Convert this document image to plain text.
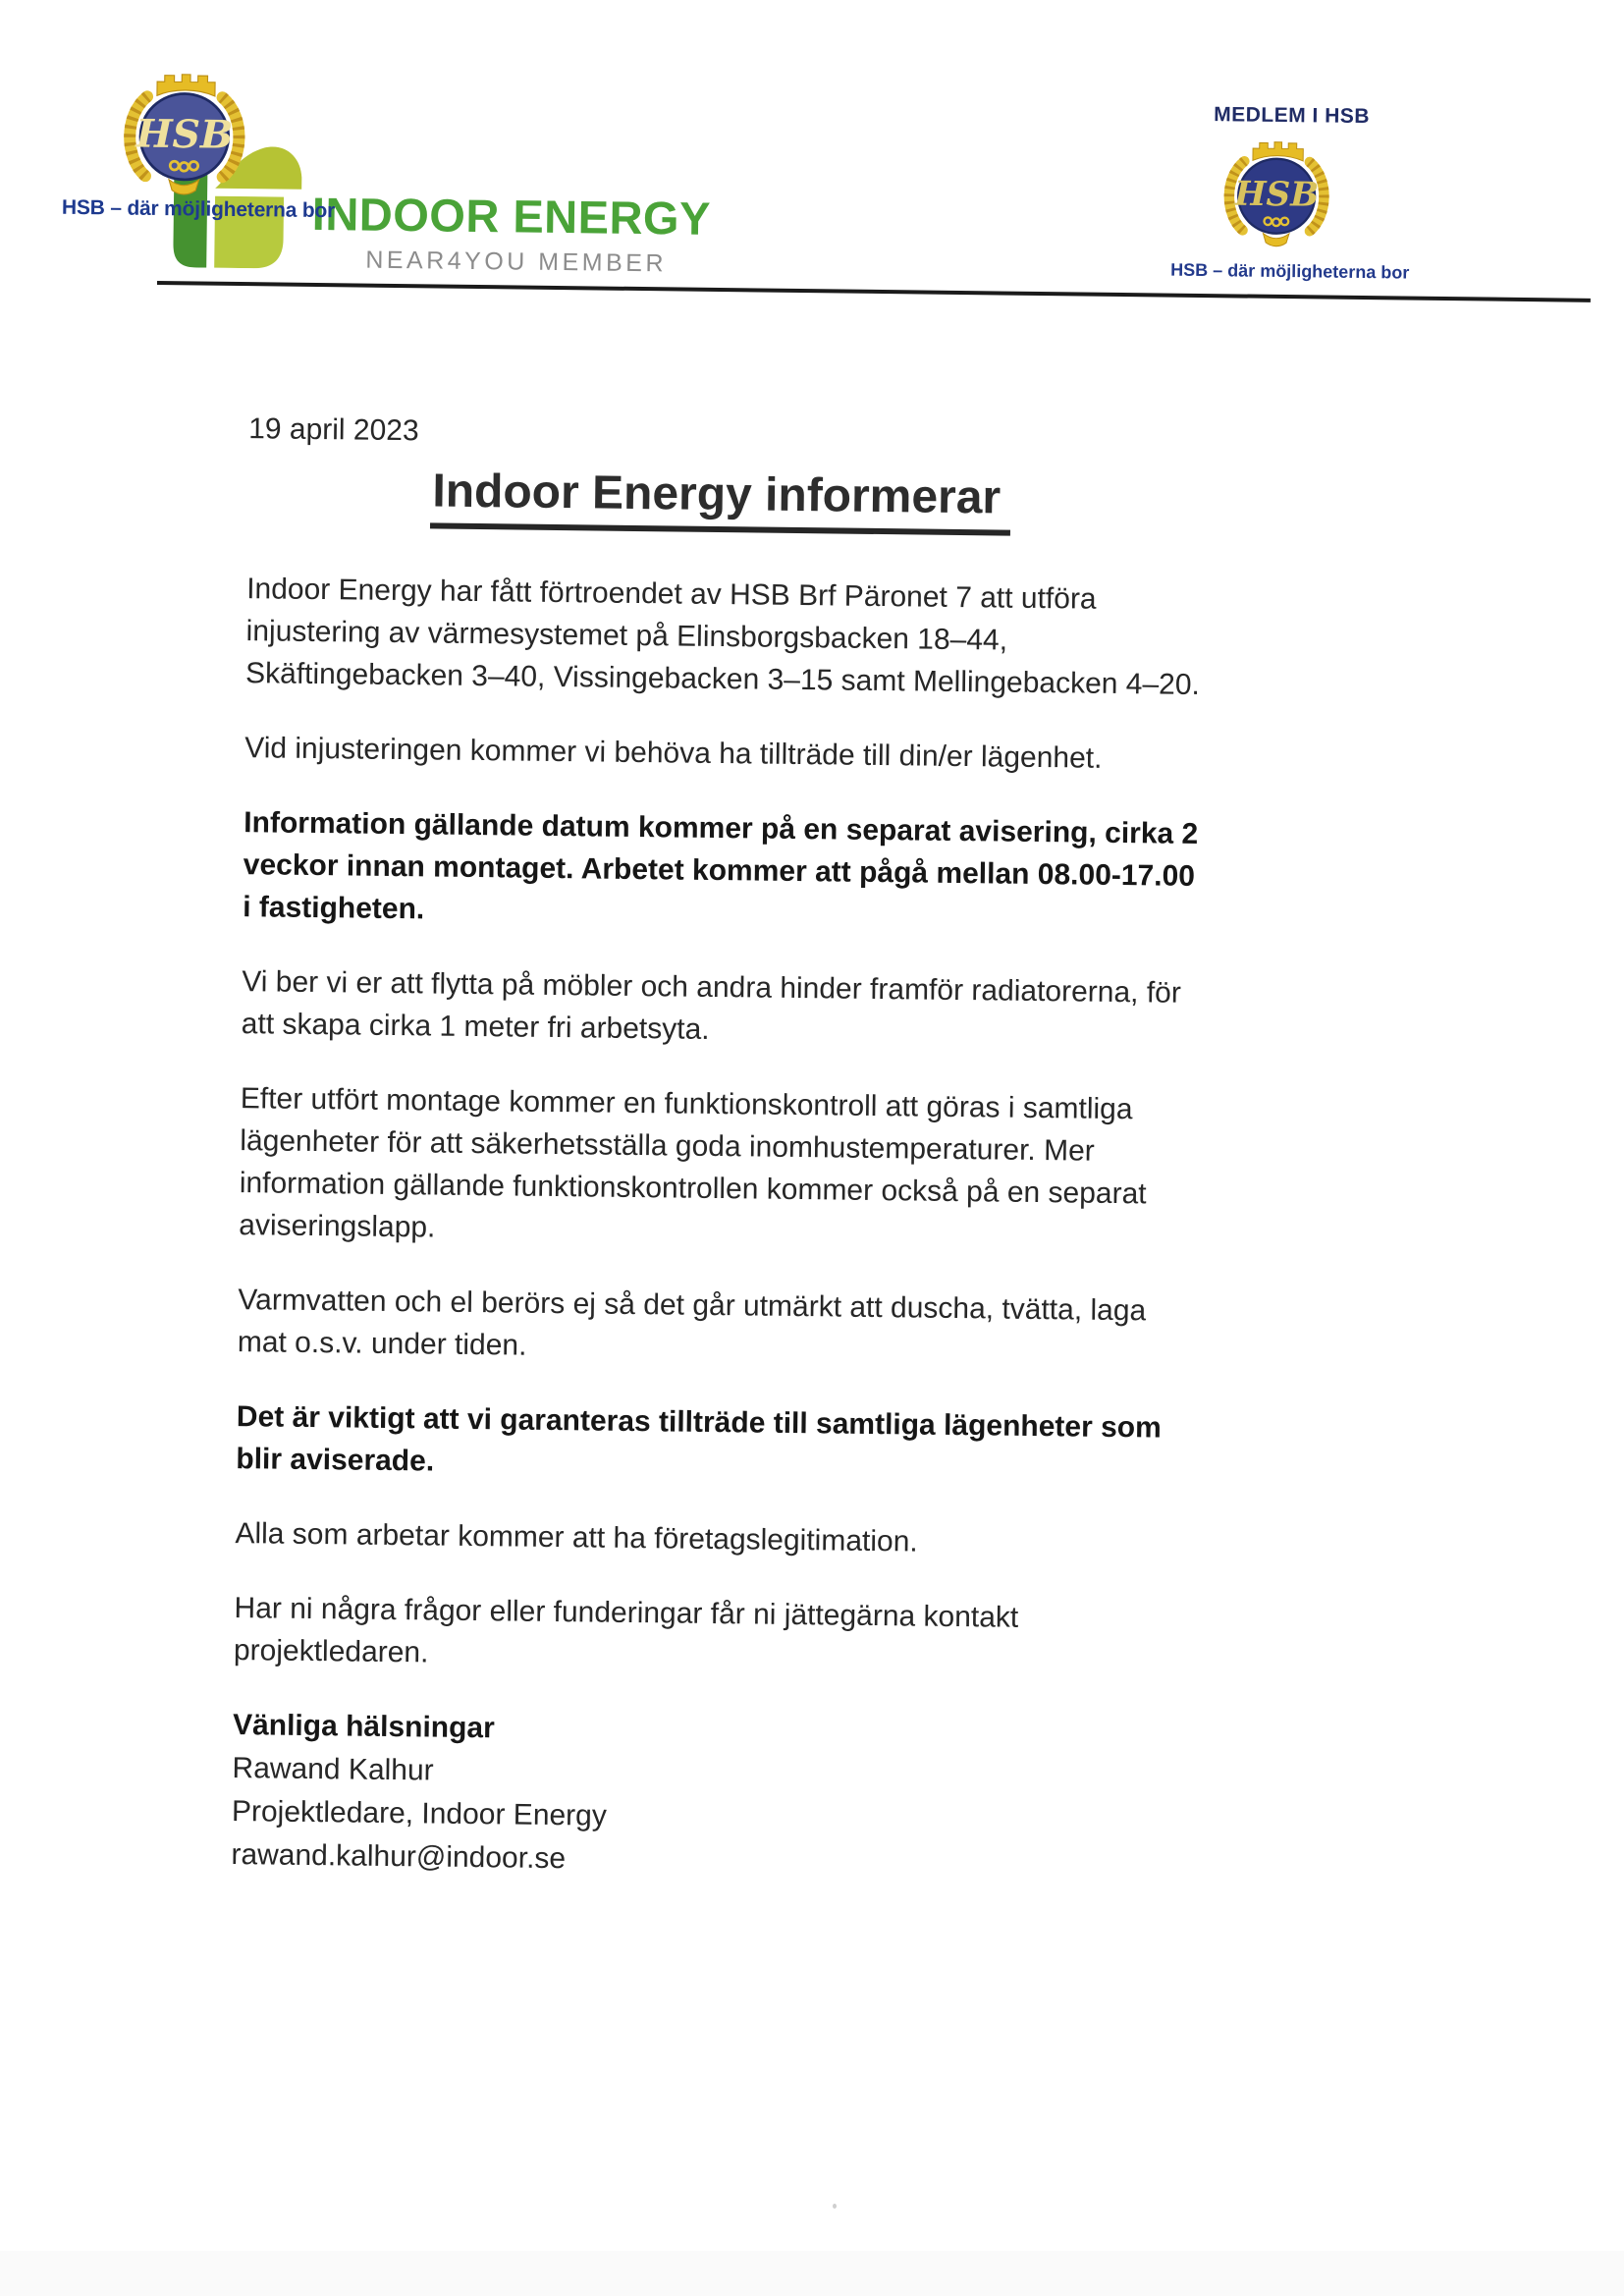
HSB
HSB – där möjligheterna bor
INDOOR ENERGY
NEAR4YOU MEMBER
MEDLEM I HSB
HSB
HSB – där möjligheterna bor
19 april 2023
Indoor Energy informerar

Indoor Energy har fått förtroendet av HSB Brf Päronet 7 att utföra
injustering av värmesystemet på Elinsborgsbacken 18–44,
Skäftingebacken 3–40, Vissingebacken 3–15 samt Mellingebacken 4–20.

Vid injusteringen kommer vi behöva ha tillträde till din/er lägenhet.

Information gällande datum kommer på en separat avisering, cirka 2
veckor innan montaget. Arbetet kommer att pågå mellan 08.00-17.00
i fastigheten.

Vi ber vi er att flytta på möbler och andra hinder framför radiatorerna, för
att skapa cirka 1 meter fri arbetsyta.

Efter utfört montage kommer en funktionskontroll att göras i samtliga
lägenheter för att säkerhetsställa goda inomhustemperaturer. Mer
information gällande funktionskontrollen kommer också på en separat
aviseringslapp.

Varmvatten och el berörs ej så det går utmärkt att duscha, tvätta, laga
mat o.s.v. under tiden.

Det är viktigt att vi garanteras tillträde till samtliga lägenheter som
blir aviserade.

Alla som arbetar kommer att ha företagslegitimation.

Har ni några frågor eller funderingar får ni jättegärna kontakt
projektledaren.

Vänliga hälsningar
Rawand Kalhur
Projektledare, Indoor Energy
rawand.kalhur@indoor.se
